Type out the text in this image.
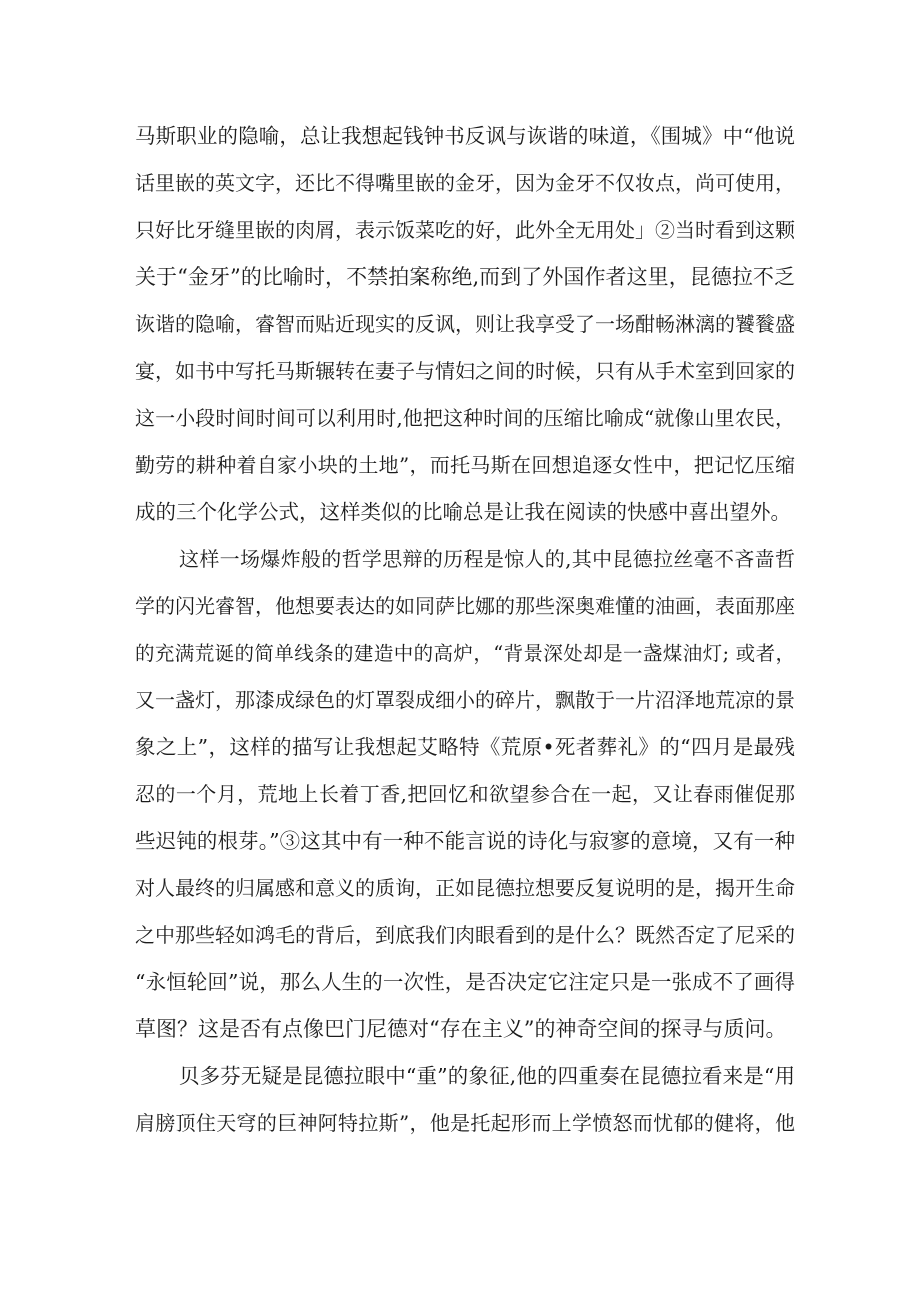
马斯职业的隐喻，总让我想起钱钟书反讽与诙谐的味道，《围城》中“他说
话里嵌的英文字，还比不得嘴里嵌的金牙，因为金牙不仅妆点，尚可使用，
只好比牙缝里嵌的肉屑，表示饭菜吃的好，此外全无用处」②当时看到这颗
关于“金牙”的比喻时，不禁拍案称绝,而到了外国作者这里，昆德拉不乏
诙谐的隐喻，睿智而贴近现实的反讽，则让我享受了一场酣畅淋漓的饕餮盛
宴，如书中写托马斯辗转在妻子与情妇之间的时候，只有从手术室到回家的
这一小段时间时间可以利用时,他把这种时间的压缩比喻成“就像山里农民，
勤劳的耕种着自家小块的土地”，而托马斯在回想追逐女性中，把记忆压缩
成的三个化学公式，这样类似的比喻总是让我在阅读的快感中喜出望外。
这样一场爆炸般的哲学思辩的历程是惊人的,其中昆德拉丝毫不吝啬哲
学的闪光睿智，他想要表达的如同萨比娜的那些深奥难懂的油画，表面那座
的充满荒诞的简单线条的建造中的高炉，“背景深处却是一盏煤油灯; 或者，
又一盏灯，那漆成绿色的灯罩裂成细小的碎片，飘散于一片沼泽地荒凉的景
象之上”，这样的描写让我想起艾略特《荒原•死者葬礼》的“四月是最残
忍的一个月，荒地上长着丁香,把回忆和欲望参合在一起，又让春雨催促那
些迟钝的根芽。”③这其中有一种不能言说的诗化与寂寥的意境，又有一种
对人最终的归属感和意义的质询，正如昆德拉想要反复说明的是，揭开生命
之中那些轻如鸿毛的背后，到底我们肉眼看到的是什么？既然否定了尼采的
“永恒轮回”说，那么人生的一次性，是否决定它注定只是一张成不了画得
草图？这是否有点像巴门尼德对“存在主义”的神奇空间的探寻与质问。
贝多芬无疑是昆德拉眼中“重”的象征,他的四重奏在昆德拉看来是“用
肩膀顶住天穹的巨神阿特拉斯”，他是托起形而上学愤怒而忧郁的健将，他
